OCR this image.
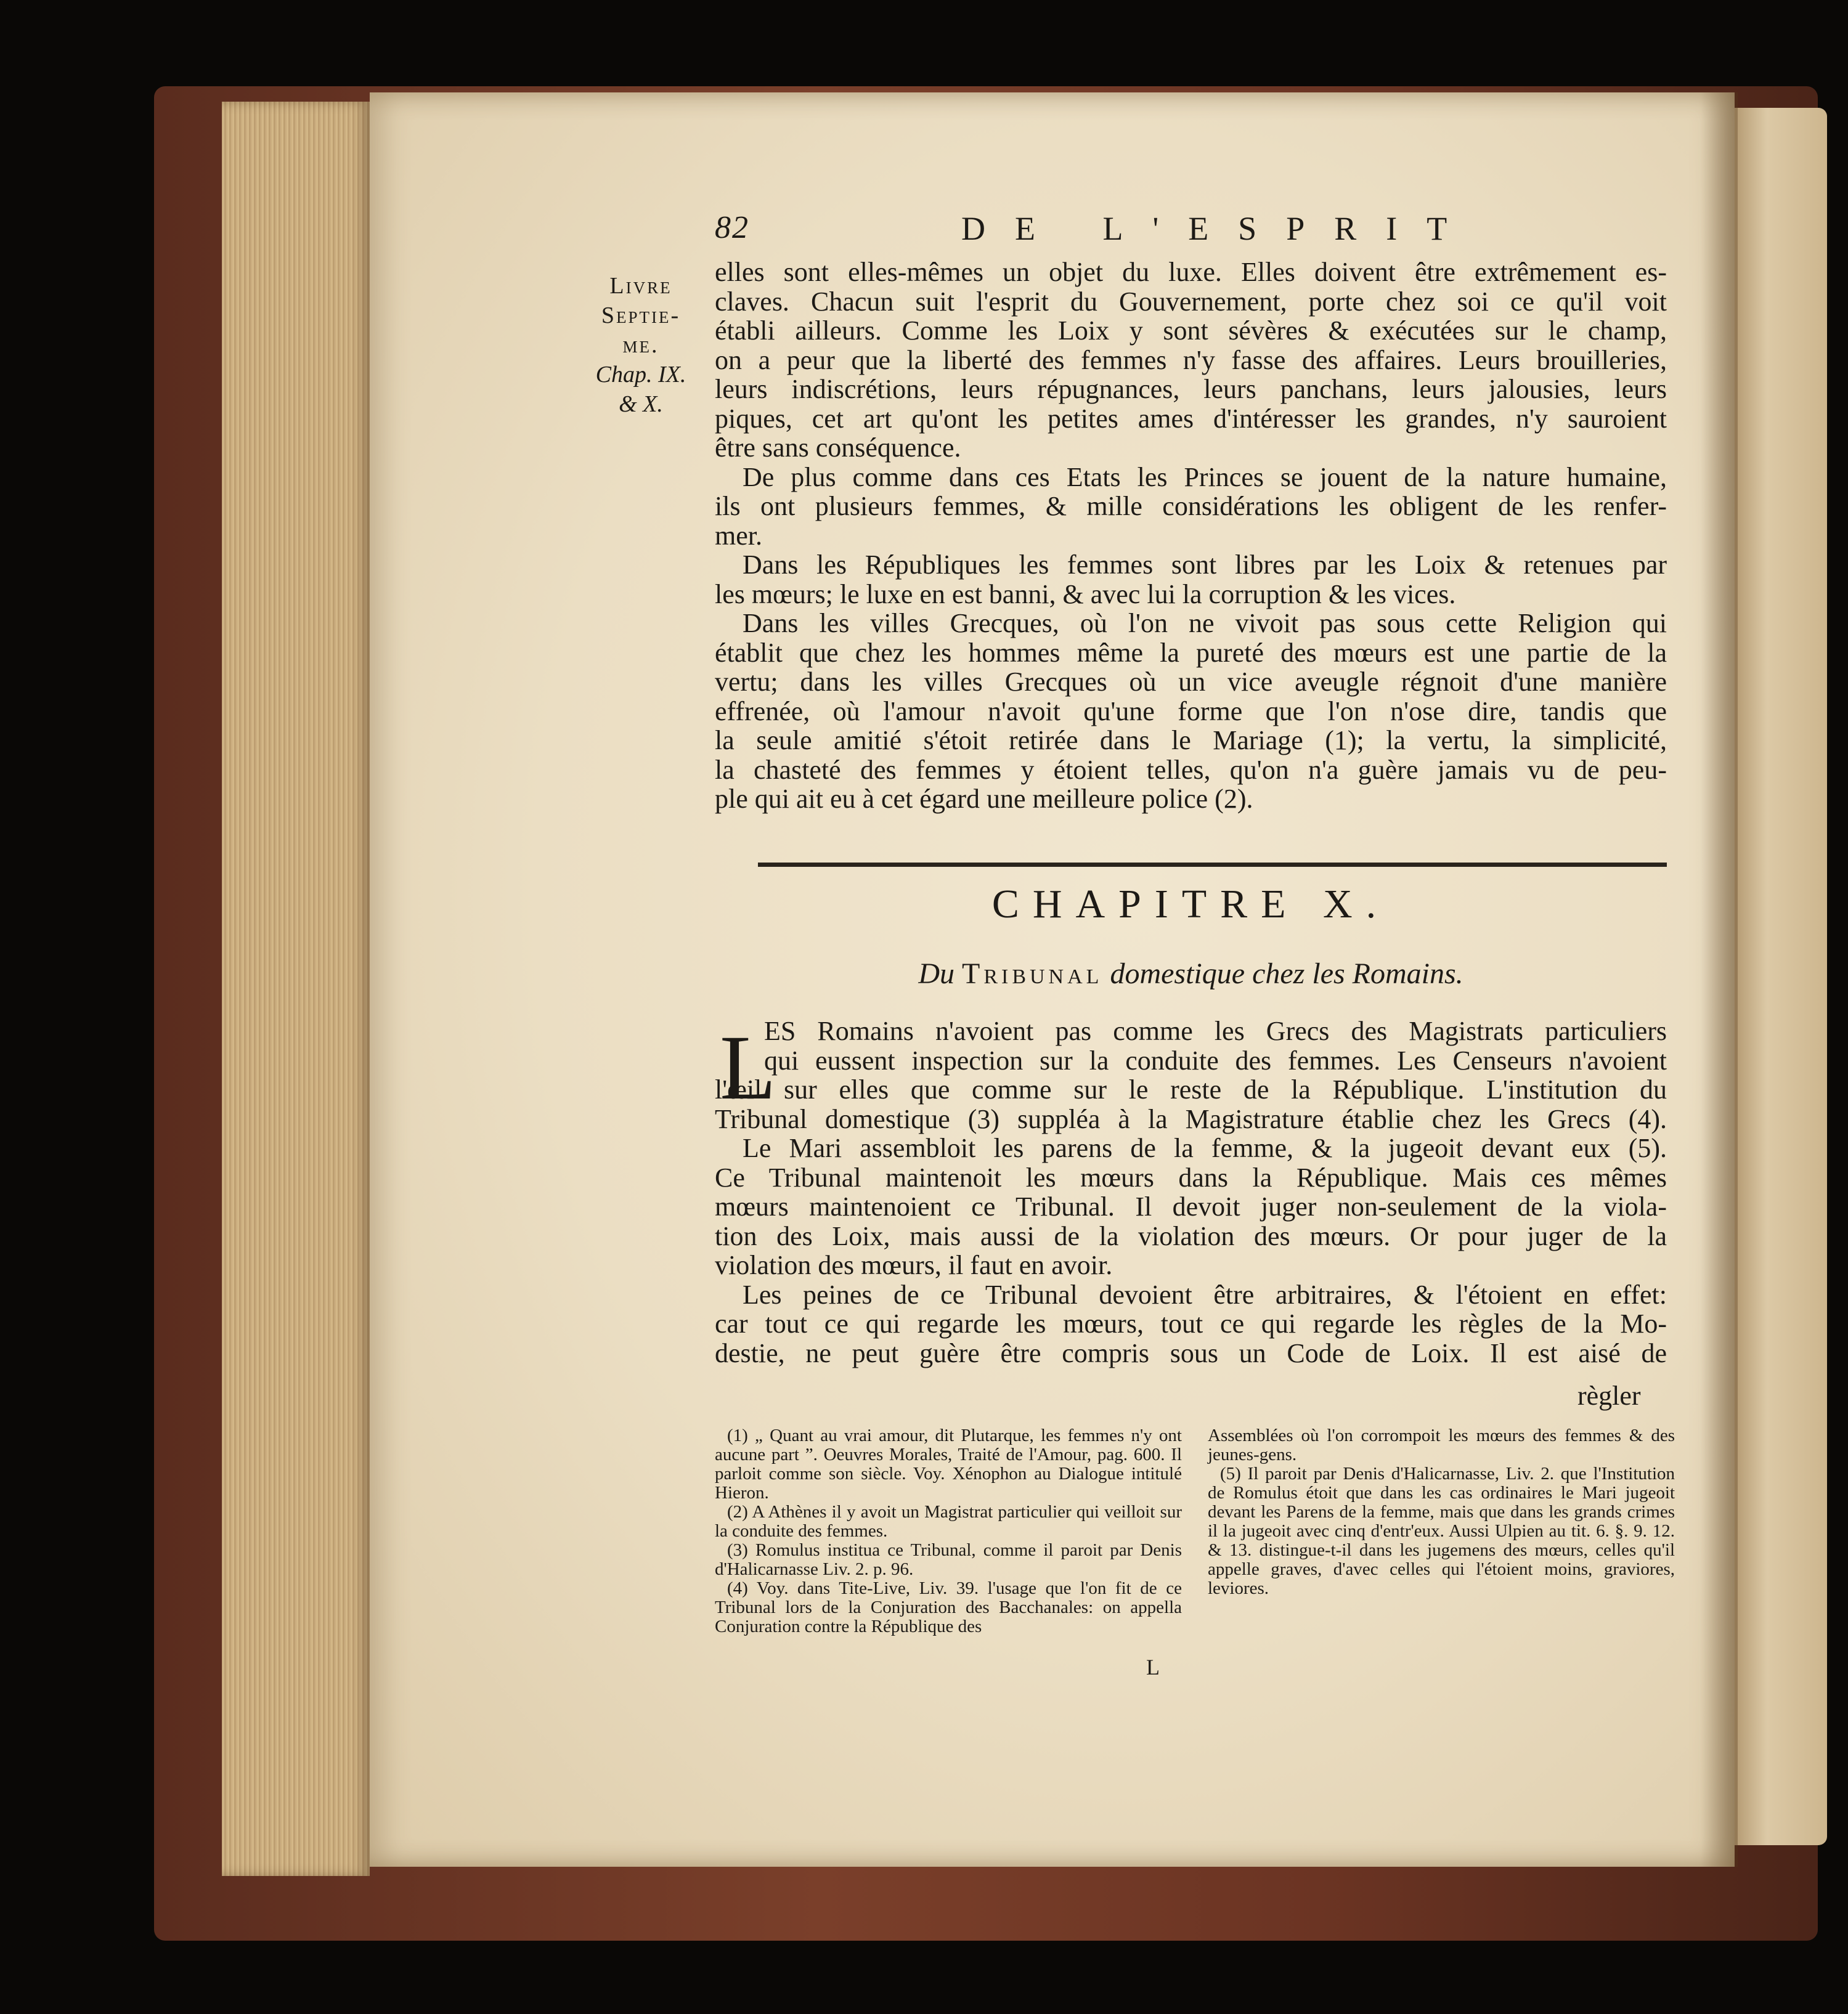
82	DE L'ESPRIT
Livre
Septie-
me.
Chap. IX.
& X.
elles sont elles-mêmes un objet du luxe. Elles doivent être extrêmement es-
claves. Chacun suit l'esprit du Gouvernement, porte chez soi ce qu'il voit
établi ailleurs. Comme les Loix y sont sévères & exécutées sur le champ,
on a peur que la liberté des femmes n'y fasse des affaires. Leurs brouilleries,
leurs indiscrétions, leurs répugnances, leurs panchans, leurs jalousies, leurs
piques, cet art qu'ont les petites ames d'intéresser les grandes, n'y sauroient
être sans conséquence.
De plus comme dans ces Etats les Princes se jouent de la nature humaine,
ils ont plusieurs femmes, & mille considérations les obligent de les renfer-
mer.
Dans les Républiques les femmes sont libres par les Loix & retenues par
les mœurs; le luxe en est banni, & avec lui la corruption & les vices.
Dans les villes Grecques, où l'on ne vivoit pas sous cette Religion qui
établit que chez les hommes même la pureté des mœurs est une partie de la
vertu; dans les villes Grecques où un vice aveugle régnoit d'une manière
effrenée, où l'amour n'avoit qu'une forme que l'on n'ose dire, tandis que
la seule amitié s'étoit retirée dans le Mariage (1); la vertu, la simplicité,
la chasteté des femmes y étoient telles, qu'on n'a guère jamais vu de peu-
ple qui ait eu à cet égard une meilleure police (2).
CHAPITRE X.
Du Tribunal domestique chez les Romains.
L
ES Romains n'avoient pas comme les Grecs des Magistrats particuliers
qui eussent inspection sur la conduite des femmes. Les Censeurs n'avoient
l'œil sur elles que comme sur le reste de la République. L'institution du
Tribunal domestique (3) suppléa à la Magistrature établie chez les Grecs (4).
Le Mari assembloit les parens de la femme, & la jugeoit devant eux (5).
Ce Tribunal maintenoit les mœurs dans la République. Mais ces mêmes
mœurs maintenoient ce Tribunal. Il devoit juger non-seulement de la viola-
tion des Loix, mais aussi de la violation des mœurs. Or pour juger de la
violation des mœurs, il faut en avoir.
Les peines de ce Tribunal devoient être arbitraires, & l'étoient en effet:
car tout ce qui regarde les mœurs, tout ce qui regarde les règles de la Mo-
destie, ne peut guère être compris sous un Code de Loix. Il est aisé de
règler

(1) „ Quant au vrai amour, dit Plutarque, les femmes n'y ont aucune part ”. Oeuvres Morales, Traité de l'Amour, pag. 600. Il parloit comme son siècle. Voy. Xénophon au Dialogue intitulé Hieron.

(2) A Athènes il y avoit un Magistrat particulier qui veilloit sur la conduite des femmes.

(3) Romulus institua ce Tribunal, comme il paroit par Denis d'Halicarnasse Liv. 2. p. 96.

(4) Voy. dans Tite-Live, Liv. 39. l'usage que l'on fit de ce Tribunal lors de la Conjuration des Bacchanales: on appella Conjuration contre la République des

Assemblées où l'on corrompoit les mœurs des femmes & des jeunes-gens.

(5) Il paroit par Denis d'Halicarnasse, Liv. 2. que l'Institution de Romulus étoit que dans les cas ordinaires le Mari jugeoit devant les Parens de la femme, mais que dans les grands crimes il la jugeoit avec cinq d'entr'eux. Aussi Ulpien au tit. 6. §. 9. 12. & 13. distingue-t-il dans les jugemens des mœurs, celles qu'il appelle graves, d'avec celles qui l'étoient moins, graviores, leviores.

L
